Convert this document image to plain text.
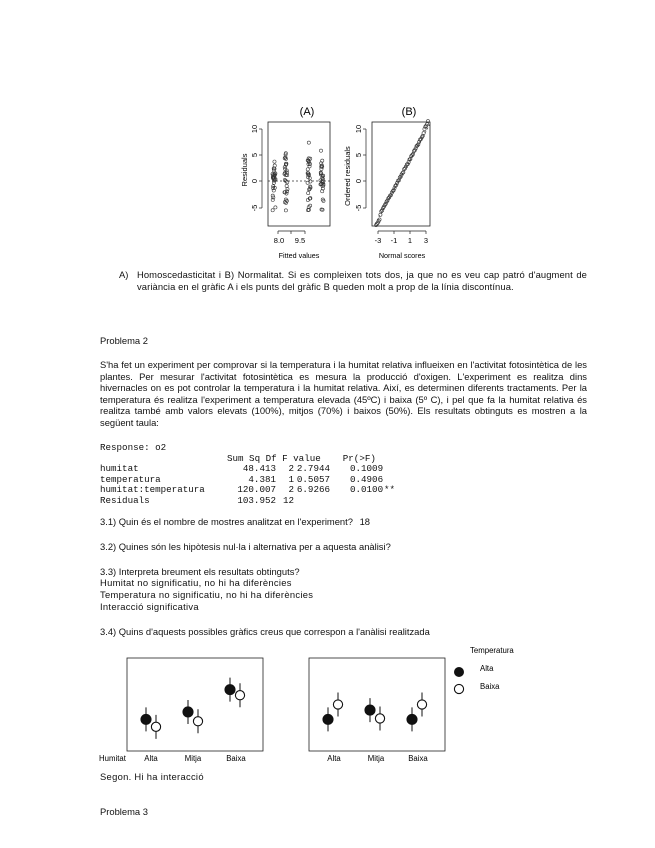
(A)
-5
0
5
10
Residuals
8.0 9.5
Fitted values
(B)
-5
0
5
10
Ordered residuals
-3 -1 1 3
Normal scores
A) Homoscedasticitat i B) Normalitat. Si es compleixen tots dos, ja que no es veu cap patró d'augment de variància en el gràfic A i els punts del gràfic B queden molt a prop de la línia discontínua.
Problema 2
S'ha fet un experiment per comprovar si la temperatura i la humitat relativa influeixen en l'activitat fotosintètica de les plantes. Per mesurar l'activitat fotosintètica es mesura la producció d'oxigen. L'experiment es realitza dins hivernacles on es pot controlar la temperatura i la humitat relativa. Així, es determinen diferents tractaments. Per la temperatura és realitza l'experiment a temperatura elevada (45ºC) i baixa (5º C), i pel que fa la humitat relativa és realitza també amb valors elevats (100%), mitjos (70%) i baixos (50%). Els resultats obtinguts es mostren a la següent taula:
Response: o2
Sum Sq Df F value    Pr(>F)
humitat	48.413 2 2.7944 0.1009
temperatura	4.381 1 0.5057 0.4906
humitat:temperatura	120.007 2 6.9266 0.0100 **
Residuals	103.952 12
3.1) Quin és el nombre de mostres analitzat en l'experiment? 18
3.2) Quines són les hipòtesis nul·la i alternativa per a aquesta anàlisi?
3.3) Interpreta breument els resultats obtinguts?
Humitat no significatiu, no hi ha diferències
Temperatura no significatiu, no hi ha diferències
Interacció significativa
3.4) Quins d'aquests possibles gràfics creus que correspon a l'anàlisi realitzada
Humitat Alta	Mitja	Baixa	Alta	Mitja	Baixa
Temperatura
Alta
Baixa
Segon. Hi ha interacció
Problema 3
